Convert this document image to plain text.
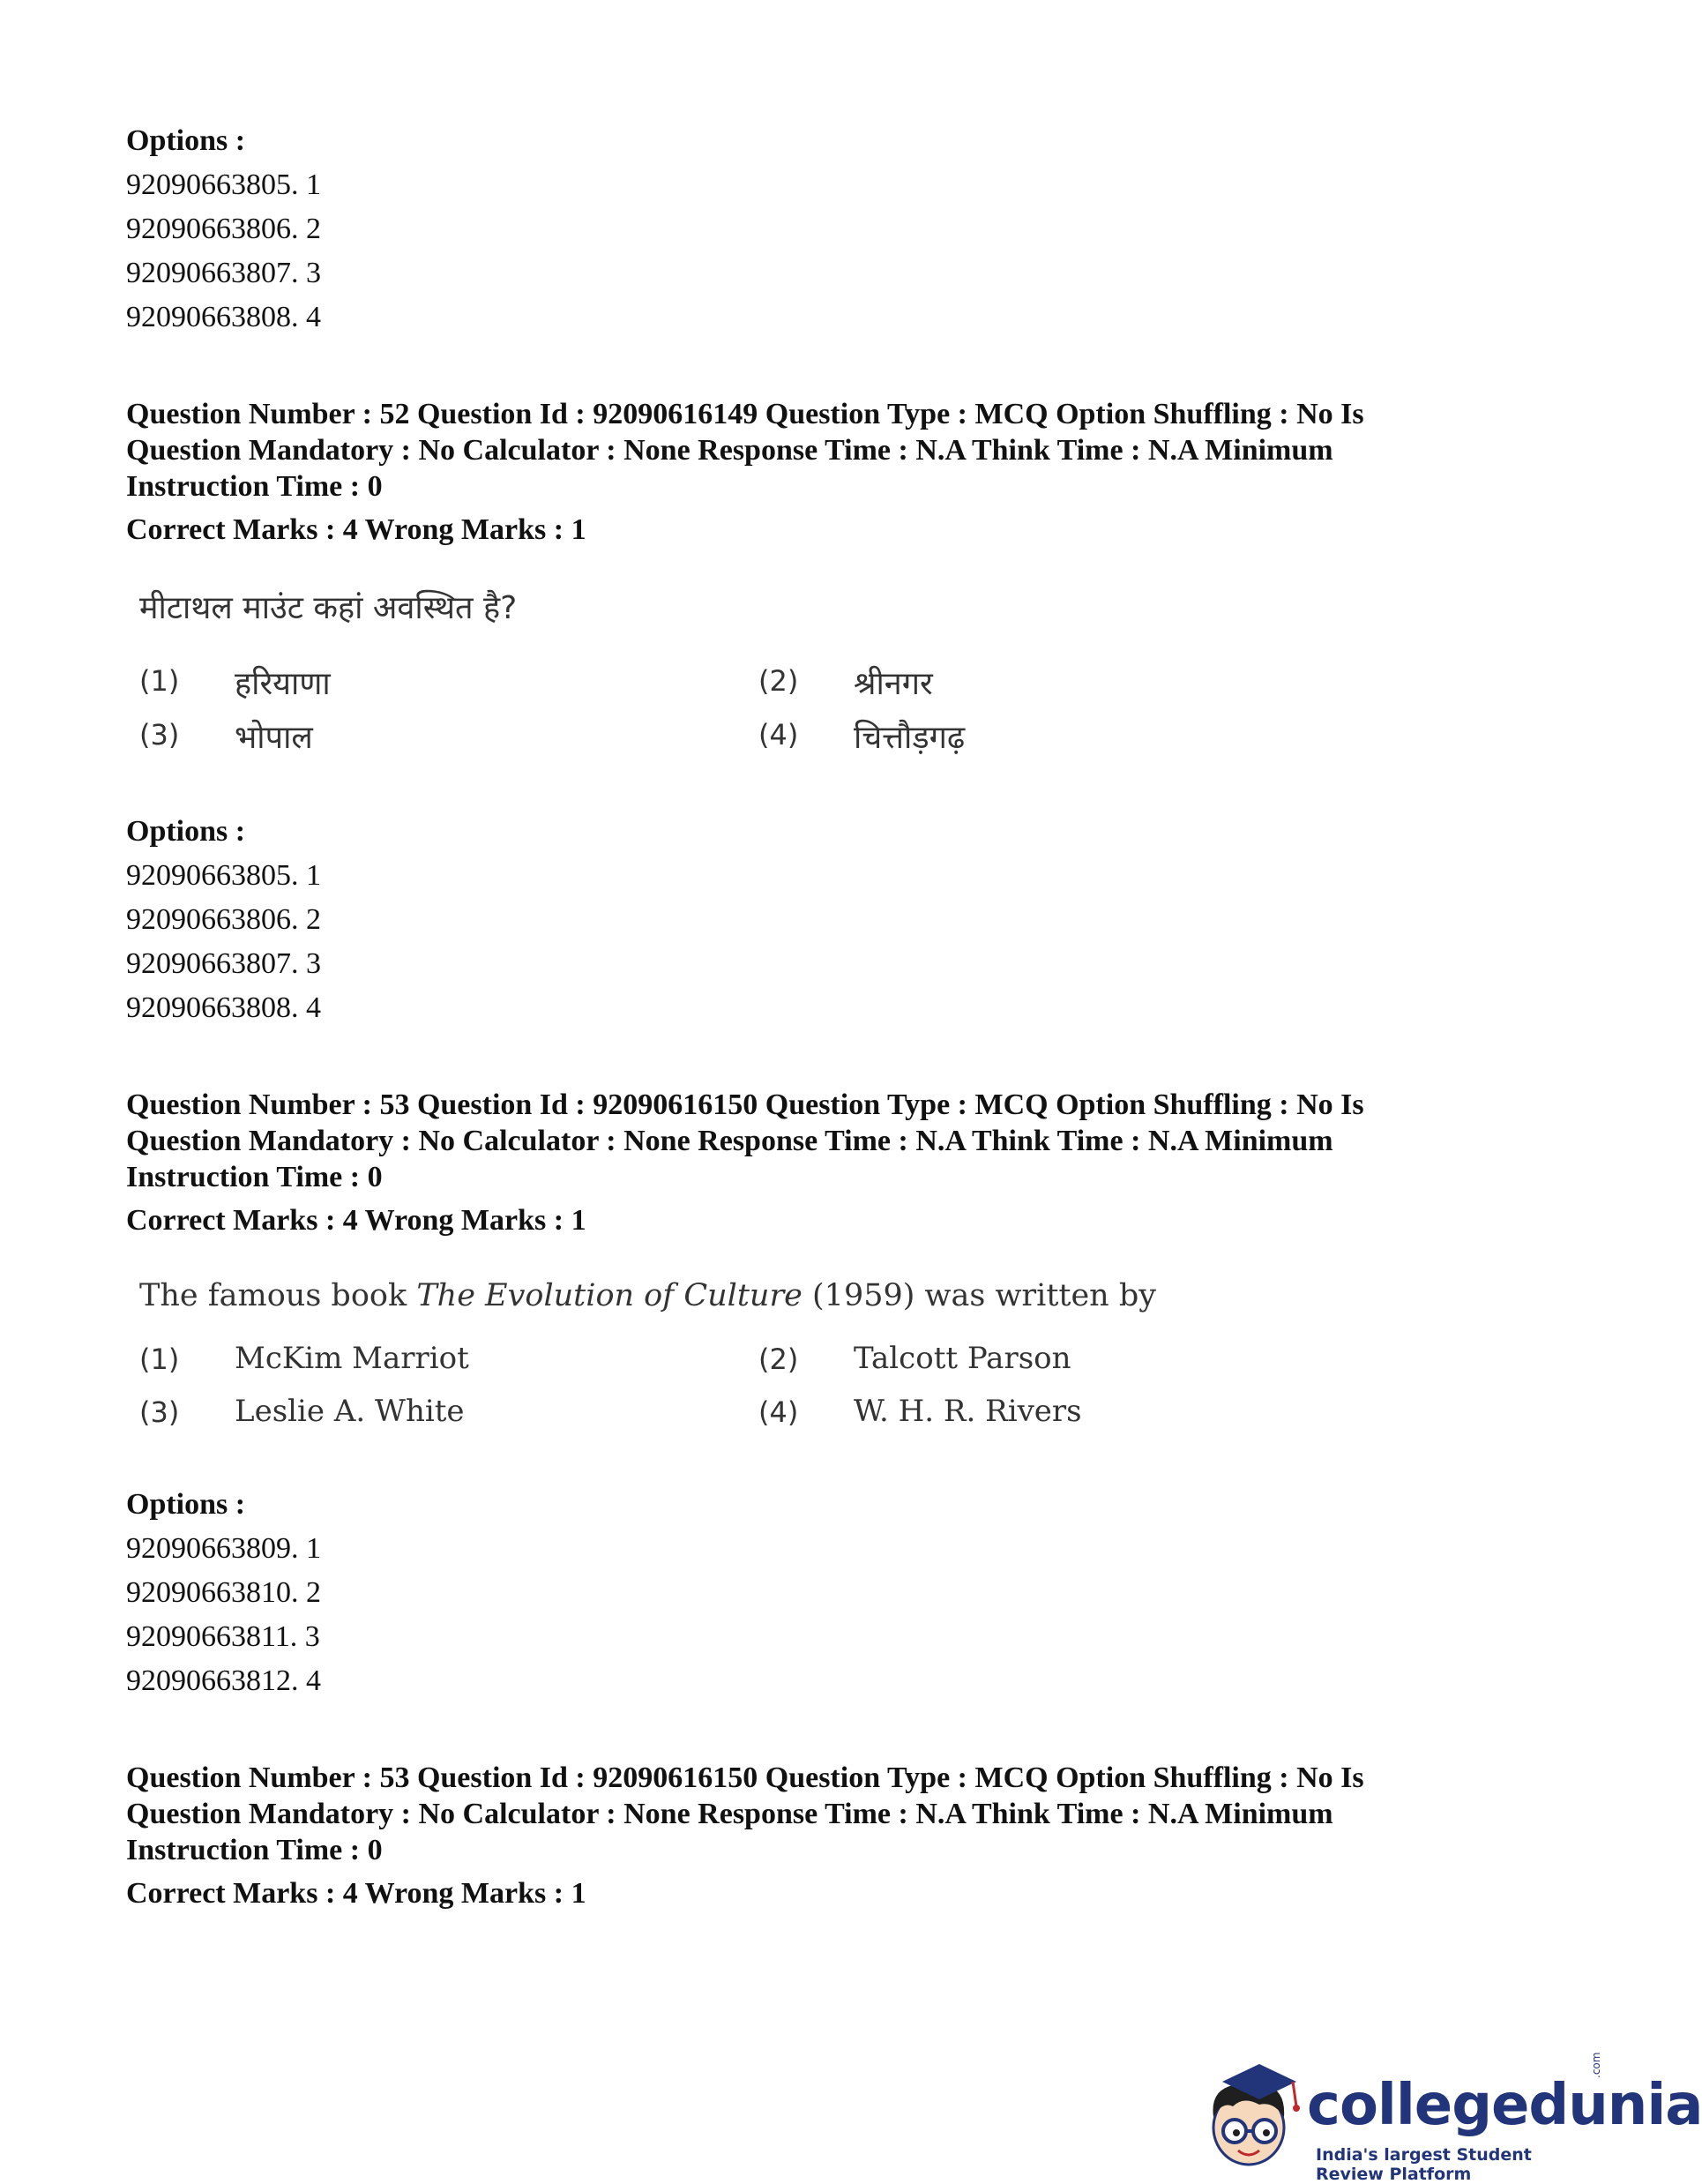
Options :
92090663805. 1
92090663806. 2
92090663807. 3
92090663808. 4
Question Number : 52 Question Id : 92090616149 Question Type : MCQ Option Shuffling : No Is Question Mandatory : No Calculator : None Response Time : N.A Think Time : N.A Minimum Instruction Time : 0
Correct Marks : 4 Wrong Marks : 1
मीटाथल माउंट कहां अवस्थित है?
(1) हरियाणा	(2) श्रीनगर
(3) भोपाल	(4) चित्तौड़गढ़
Options :
92090663805. 1
92090663806. 2
92090663807. 3
92090663808. 4
Question Number : 53 Question Id : 92090616150 Question Type : MCQ Option Shuffling : No Is Question Mandatory : No Calculator : None Response Time : N.A Think Time : N.A Minimum Instruction Time : 0
Correct Marks : 4 Wrong Marks : 1
The famous book The Evolution of Culture (1959) was written by
(1) McKim Marriot	(2) Talcott Parson
(3) Leslie A. White	(4) W. H. R. Rivers
Options :
92090663809. 1
92090663810. 2
92090663811. 3
92090663812. 4
Question Number : 53 Question Id : 92090616150 Question Type : MCQ Option Shuffling : No Is Question Mandatory : No Calculator : None Response Time : N.A Think Time : N.A Minimum Instruction Time : 0
Correct Marks : 4 Wrong Marks : 1
collegedunia
.com
India's largest Student Review Platform
